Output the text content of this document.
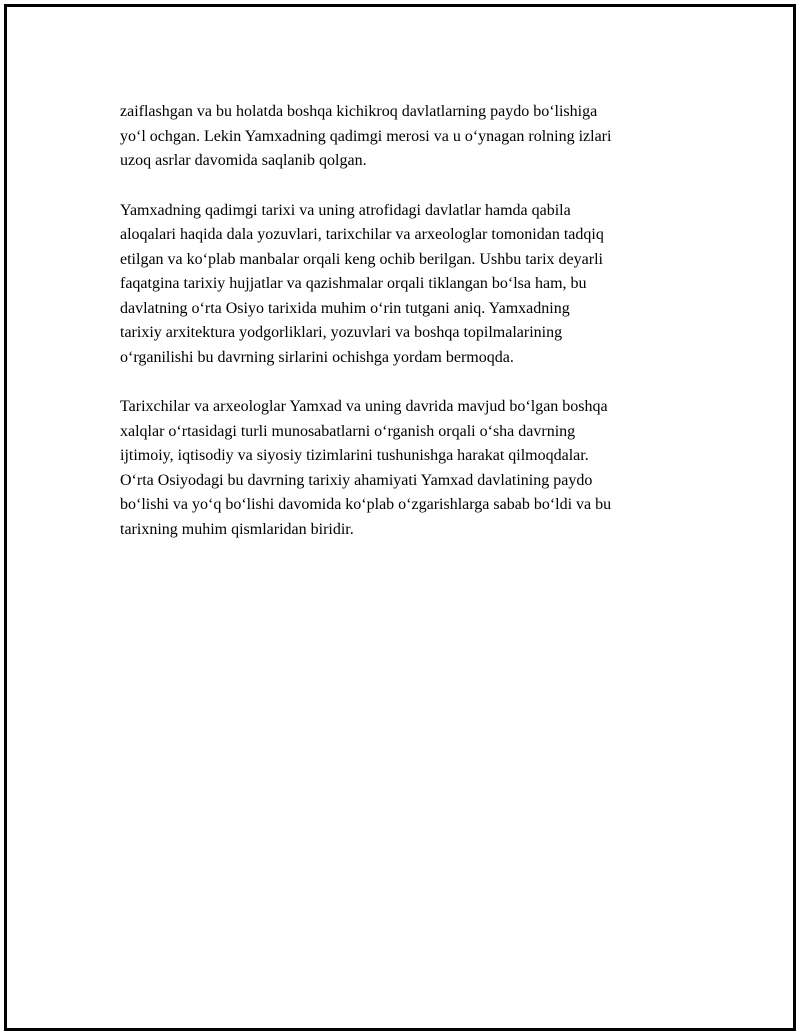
zaiflashgan va bu holatda boshqa kichikroq davlatlarning paydo bo‘lishiga
yo‘l ochgan. Lekin Yamxadning qadimgi merosi va u o‘ynagan rolning izlari
uzoq asrlar davomida saqlanib qolgan.

Yamxadning qadimgi tarixi va uning atrofidagi davlatlar hamda qabila
aloqalari haqida dala yozuvlari, tarixchilar va arxeologlar tomonidan tadqiq
etilgan va ko‘plab manbalar orqali keng ochib berilgan. Ushbu tarix deyarli
faqatgina tarixiy hujjatlar va qazishmalar orqali tiklangan bo‘lsa ham, bu
davlatning o‘rta Osiyo tarixida muhim o‘rin tutgani aniq. Yamxadning
tarixiy arxitektura yodgorliklari, yozuvlari va boshqa topilmalarining
o‘rganilishi bu davrning sirlarini ochishga yordam bermoqda.

Tarixchilar va arxeologlar Yamxad va uning davrida mavjud bo‘lgan boshqa
xalqlar o‘rtasidagi turli munosabatlarni o‘rganish orqali o‘sha davrning
ijtimoiy, iqtisodiy va siyosiy tizimlarini tushunishga harakat qilmoqdalar.
O‘rta Osiyodagi bu davrning tarixiy ahamiyati Yamxad davlatining paydo
bo‘lishi va yo‘q bo‘lishi davomida ko‘plab o‘zgarishlarga sabab bo‘ldi va bu
tarixning muhim qismlaridan biridir.
